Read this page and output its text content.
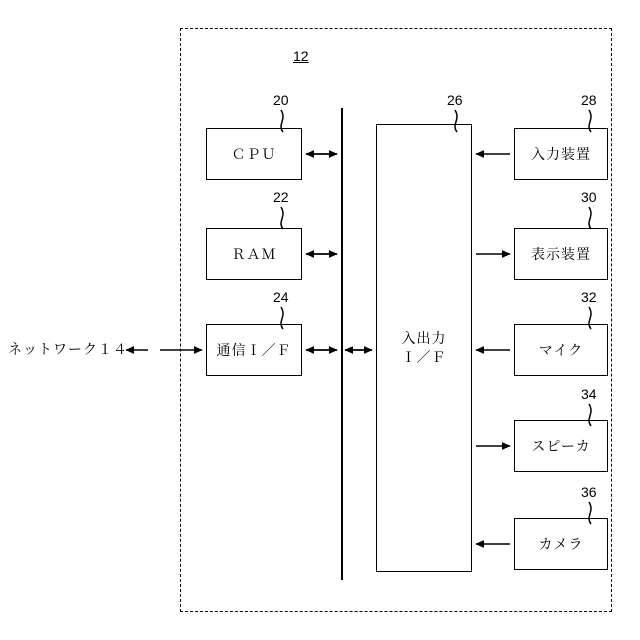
12
ネットワーク１４
ＣＰＵ
20
ＲＡＭ
22
通信Ｉ／Ｆ
24
入出力
Ｉ／Ｆ
26
入力装置
28
表示装置
30
マイク
32
スピーカ
34
カメラ
36
